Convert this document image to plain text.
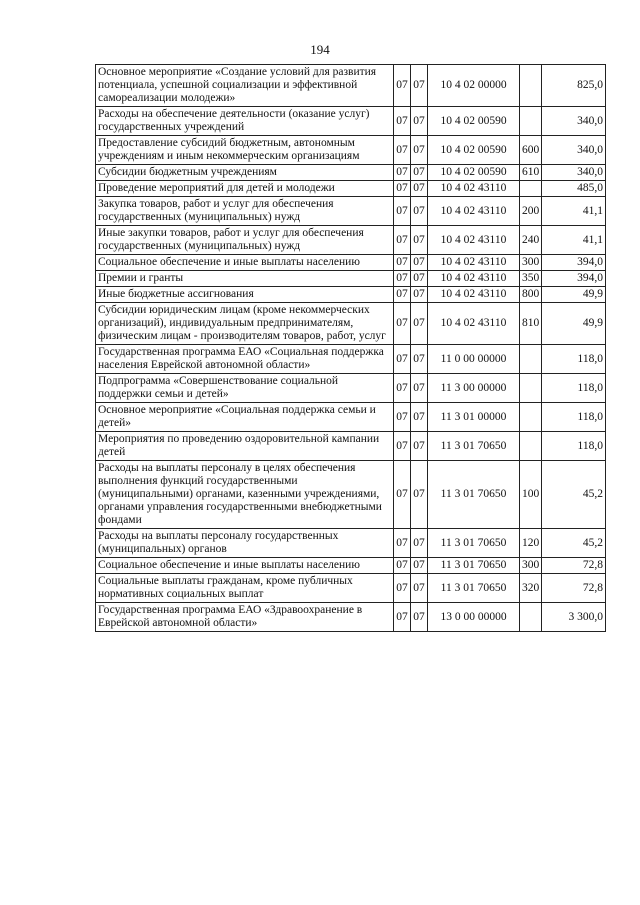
194
Основное мероприятие «Создание условий для развития потенциала, успешной социализации и эффективной самореализации молодежи»	07	07	10 4 02 00000		825,0
Расходы на обеспечение деятельности (оказание услуг) государственных учреждений	07	07	10 4 02 00590		340,0
Предоставление субсидий бюджетным, автономным учреждениям и иным некоммерческим организациям	07	07	10 4 02 00590	600	340,0
Субсидии бюджетным учреждениям	07	07	10 4 02 00590	610	340,0
Проведение мероприятий для детей и молодежи	07	07	10 4 02 43110		485,0
Закупка товаров, работ и услуг для обеспечения государственных (муниципальных) нужд	07	07	10 4 02 43110	200	41,1
Иные закупки товаров, работ и услуг для обеспечения государственных (муниципальных) нужд	07	07	10 4 02 43110	240	41,1
Социальное обеспечение и иные выплаты населению	07	07	10 4 02 43110	300	394,0
Премии и гранты	07	07	10 4 02 43110	350	394,0
Иные бюджетные ассигнования	07	07	10 4 02 43110	800	49,9
Субсидии юридическим лицам (кроме некоммерческих организаций), индивидуальным предпринимателям, физическим лицам - производителям товаров, работ, услуг	07	07	10 4 02 43110	810	49,9
Государственная программа ЕАО «Социальная поддержка населения Еврейской автономной области»	07	07	11 0 00 00000		118,0
Подпрограмма «Совершенствование социальной поддержки семьи и детей»	07	07	11 3 00 00000		118,0
Основное мероприятие «Социальная поддержка семьи и детей»	07	07	11 3 01 00000		118,0
Мероприятия по проведению оздоровительной кампании детей	07	07	11 3 01 70650		118,0
Расходы на выплаты персоналу в целях обеспечения выполнения функций государственными (муниципальными) органами, казенными учреждениями, органами управления государственными внебюджетными фондами	07	07	11 3 01 70650	100	45,2
Расходы на выплаты персоналу государственных (муниципальных) органов	07	07	11 3 01 70650	120	45,2
Социальное обеспечение и иные выплаты населению	07	07	11 3 01 70650	300	72,8
Социальные выплаты гражданам, кроме публичных нормативных социальных выплат	07	07	11 3 01 70650	320	72,8
Государственная программа ЕАО «Здравоохранение в Еврейской автономной области»	07	07	13 0 00 00000		3 300,0
